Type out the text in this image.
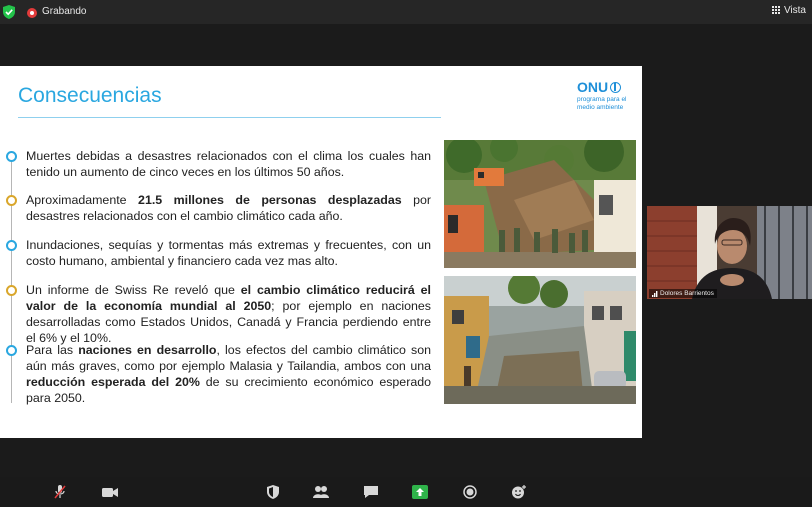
Grabando	Vista
Consecuencias	ONU
programa para el
medio ambiente
Muertes debidas a desastres relacionados con el clima los cuales han tenido un aumento de cinco veces en los últimos 50 años.
Aproximadamente 21.5 millones de personas desplazadas por desastres relacionados con el cambio climático cada año.
Inundaciones, sequías y tormentas más extremas y frecuentes, con un costo humano, ambiental y financiero cada vez mas alto.
Un informe de Swiss Re reveló que el cambio climático reducirá el valor de la economía mundial al 2050; por ejemplo en naciones desarrolladas como Estados Unidos, Canadá y Francia perdiendo entre el 6% y el 10%.
Para las naciones en desarrollo, los efectos del cambio climático son aún más graves, como por ejemplo Malasia y Tailandia, ambos con una reducción esperada del 20% de su crecimiento económico esperado para 2050.
Dolores Barrientos
